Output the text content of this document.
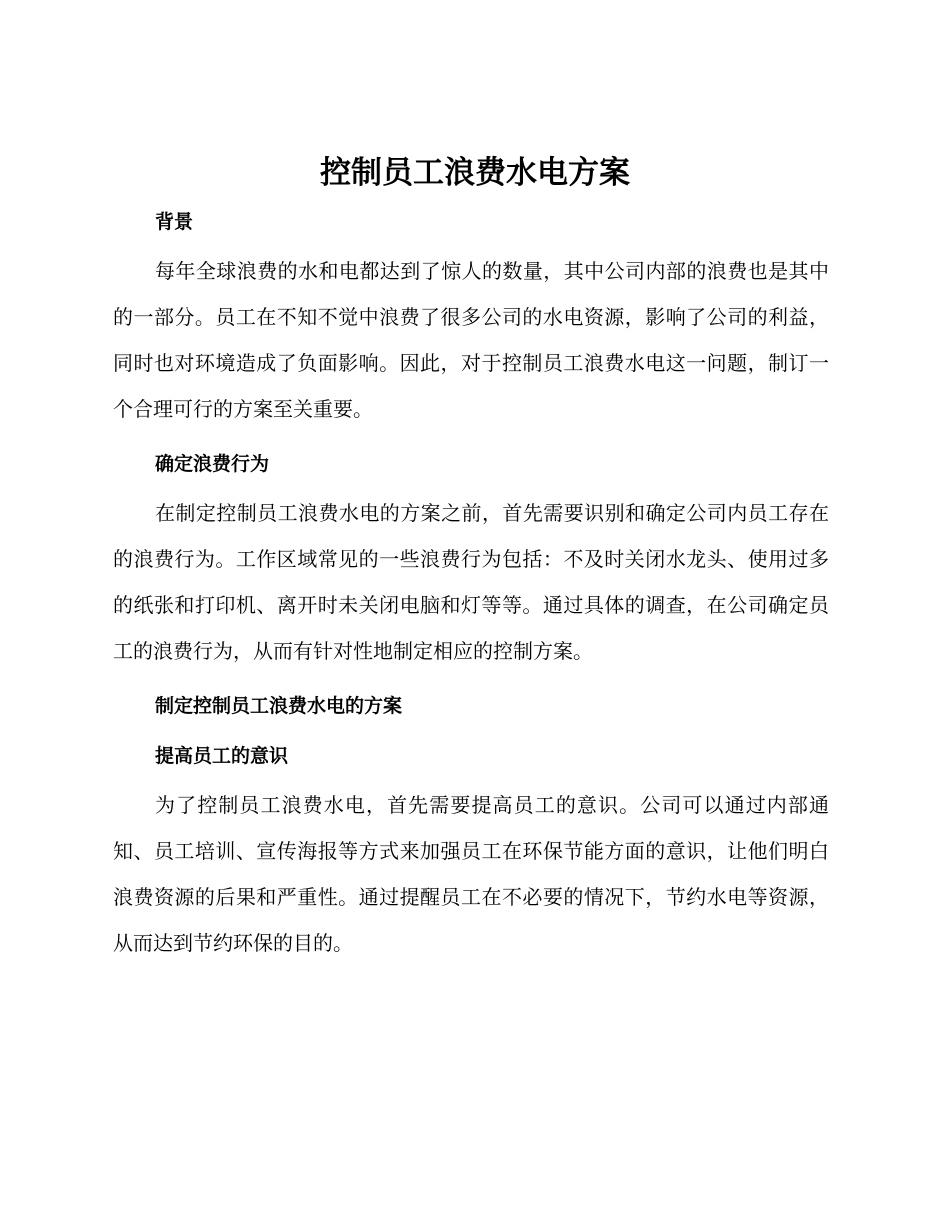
控制员工浪费水电方案
背景

每年全球浪费的水和电都达到了惊人的数量，其中公司内部的浪费也是其中的一部分。员工在不知不觉中浪费了很多公司的水电资源，影响了公司的利益，同时也对环境造成了负面影响。因此，对于控制员工浪费水电这一问题，制订一个合理可行的方案至关重要。

确定浪费行为

在制定控制员工浪费水电的方案之前，首先需要识别和确定公司内员工存在的浪费行为。工作区域常见的一些浪费行为包括：不及时关闭水龙头、使用过多的纸张和打印机、离开时未关闭电脑和灯等等。通过具体的调查，在公司确定员工的浪费行为，从而有针对性地制定相应的控制方案。

制定控制员工浪费水电的方案
提高员工的意识

为了控制员工浪费水电，首先需要提高员工的意识。公司可以通过内部通知、员工培训、宣传海报等方式来加强员工在环保节能方面的意识，让他们明白浪费资源的后果和严重性。通过提醒员工在不必要的情况下，节约水电等资源，从而达到节约环保的目的。
